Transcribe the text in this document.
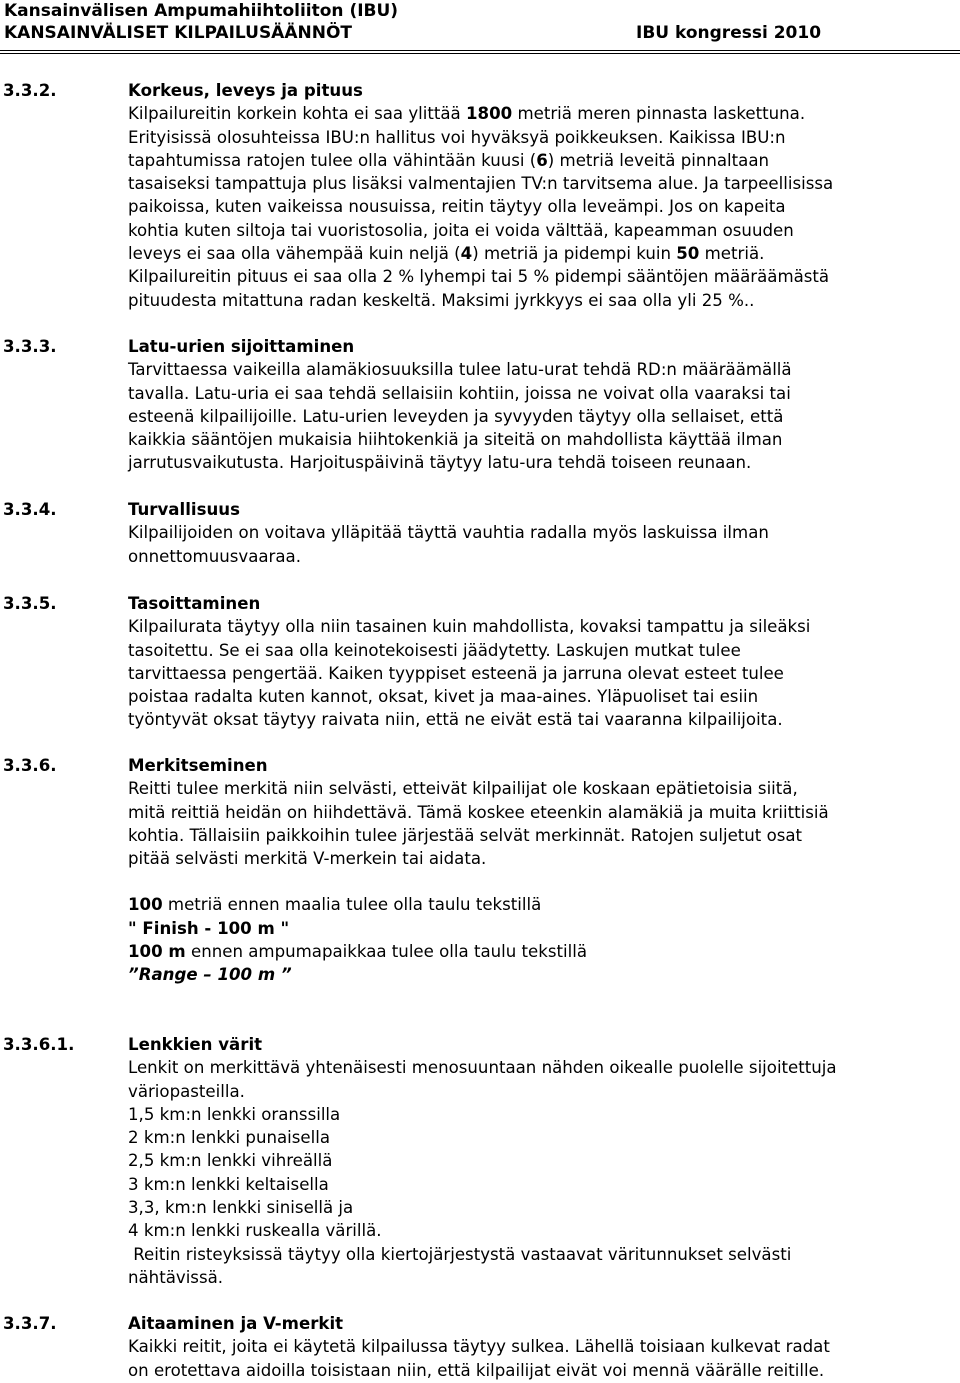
Kansainvälisen Ampumahiihtoliiton (IBU)
KANSAINVÄLISET KILPAILUSÄÄNNÖT	IBU kongressi 2010
3.3.2.	Korkeus, leveys ja pituus
Kilpailureitin korkein kohta ei saa ylittää 1800 metriä meren pinnasta laskettuna.
Erityisissä olosuhteissa IBU:n hallitus voi hyväksyä poikkeuksen. Kaikissa IBU:n
tapahtumissa ratojen tulee olla vähintään kuusi (6) metriä leveitä pinnaltaan
tasaiseksi tampattuja plus lisäksi valmentajien TV:n tarvitsema alue. Ja tarpeellisissa
paikoissa, kuten vaikeissa nousuissa, reitin täytyy olla leveämpi. Jos on kapeita
kohtia kuten siltoja tai vuoristosolia, joita ei voida välttää, kapeamman osuuden
leveys ei saa olla vähempää kuin neljä (4) metriä ja pidempi kuin 50 metriä.
Kilpailureitin pituus ei saa olla 2 % lyhempi tai 5 % pidempi sääntöjen määräämästä
pituudesta mitattuna radan keskeltä. Maksimi jyrkkyys ei saa olla yli 25 %..
3.3.3.	Latu-urien sijoittaminen
Tarvittaessa vaikeilla alamäkiosuuksilla tulee latu-urat tehdä RD:n määräämällä
tavalla. Latu-uria ei saa tehdä sellaisiin kohtiin, joissa ne voivat olla vaaraksi tai
esteenä kilpailijoille. Latu-urien leveyden ja syvyyden täytyy olla sellaiset, että
kaikkia sääntöjen mukaisia hiihtokenkiä ja siteitä on mahdollista käyttää ilman
jarrutusvaikutusta. Harjoituspäivinä täytyy latu-ura tehdä toiseen reunaan.
3.3.4.	Turvallisuus
Kilpailijoiden on voitava ylläpitää täyttä vauhtia radalla myös laskuissa ilman
onnettomuusvaaraa.
3.3.5.	Tasoittaminen
Kilpailurata täytyy olla niin tasainen kuin mahdollista, kovaksi tampattu ja sileäksi
tasoitettu. Se ei saa olla keinotekoisesti jäädytetty. Laskujen mutkat tulee
tarvittaessa pengertää. Kaiken tyyppiset esteenä ja jarruna olevat esteet tulee
poistaa radalta kuten kannot, oksat, kivet ja maa-aines. Yläpuoliset tai esiin
työntyvät oksat täytyy raivata niin, että ne eivät estä tai vaaranna kilpailijoita.
3.3.6.	Merkitseminen
Reitti tulee merkitä niin selvästi, etteivät kilpailijat ole koskaan epätietoisia siitä,
mitä reittiä heidän on hiihdettävä. Tämä koskee eteenkin alamäkiä ja muita kriittisiä
kohtia. Tällaisiin paikkoihin tulee järjestää selvät merkinnät. Ratojen suljetut osat
pitää selvästi merkitä V-merkein tai aidata.
100 metriä ennen maalia tulee olla taulu tekstillä
" Finish - 100 m "
100 m ennen ampumapaikkaa tulee olla taulu tekstillä
”Range – 100 m ”
3.3.6.1.	Lenkkien värit
Lenkit on merkittävä yhtenäisesti menosuuntaan nähden oikealle puolelle sijoitettuja
väriopasteilla.
1,5 km:n lenkki oranssilla
2 km:n lenkki punaisella
2,5 km:n lenkki vihreällä
3 km:n lenkki keltaisella
3,3, km:n lenkki sinisellä ja
4 km:n lenkki ruskealla värillä.
Reitin risteyksissä täytyy olla kiertojärjestystä vastaavat väritunnukset selvästi
nähtävissä.
3.3.7.	Aitaaminen ja V-merkit
Kaikki reitit, joita ei käytetä kilpailussa täytyy sulkea. Lähellä toisiaan kulkevat radat
on erotettava aidoilla toisistaan niin, että kilpailijat eivät voi mennä väärälle reitille.
